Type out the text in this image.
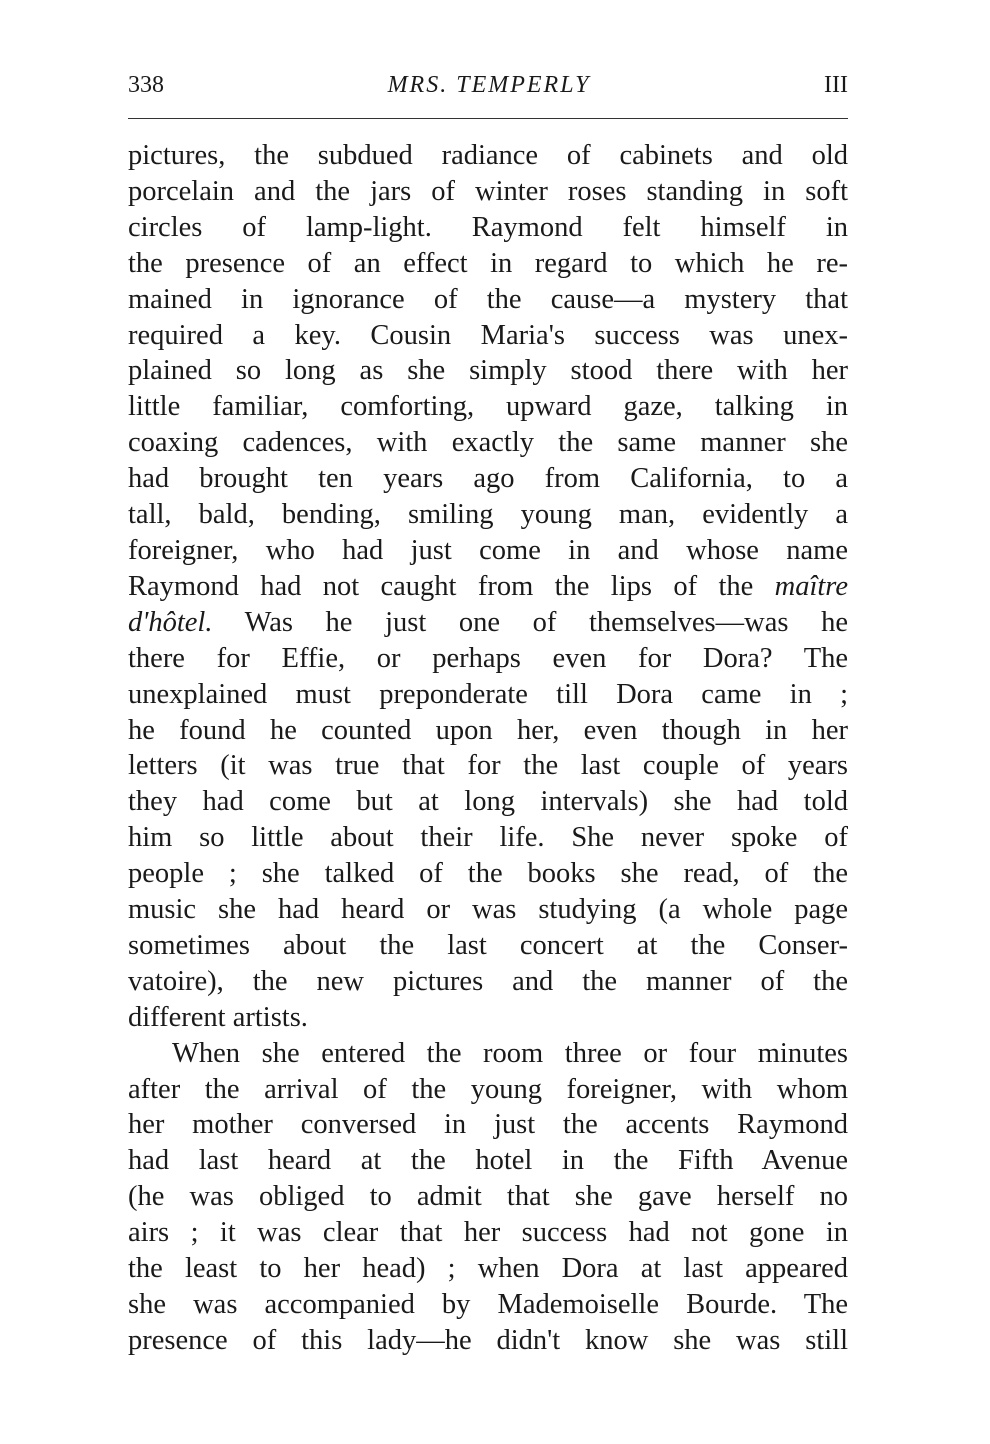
338	MRS. TEMPERLY	III
pictures, the subdued radiance of cabinets and old
porcelain and the jars of winter roses standing in soft
circles of lamp-light. Raymond felt himself in
the presence of an effect in regard to which he re-
mained in ignorance of the cause—a mystery that
required a key. Cousin Maria's success was unex-
plained so long as she simply stood there with her
little familiar, comforting, upward gaze, talking in
coaxing cadences, with exactly the same manner she
had brought ten years ago from California, to a
tall, bald, bending, smiling young man, evidently a
foreigner, who had just come in and whose name
Raymond had not caught from the lips of the maître
d'hôtel. Was he just one of themselves—was he
there for Effie, or perhaps even for Dora? The
unexplained must preponderate till Dora came in ;
he found he counted upon her, even though in her
letters (it was true that for the last couple of years
they had come but at long intervals) she had told
him so little about their life. She never spoke of
people ; she talked of the books she read, of the
music she had heard or was studying (a whole page
sometimes about the last concert at the Conser-
vatoire), the new pictures and the manner of the
different artists.
When she entered the room three or four minutes
after the arrival of the young foreigner, with whom
her mother conversed in just the accents Raymond
had last heard at the hotel in the Fifth Avenue
(he was obliged to admit that she gave herself no
airs ; it was clear that her success had not gone in
the least to her head) ; when Dora at last appeared
she was accompanied by Mademoiselle Bourde. The
presence of this lady—he didn't know she was still
